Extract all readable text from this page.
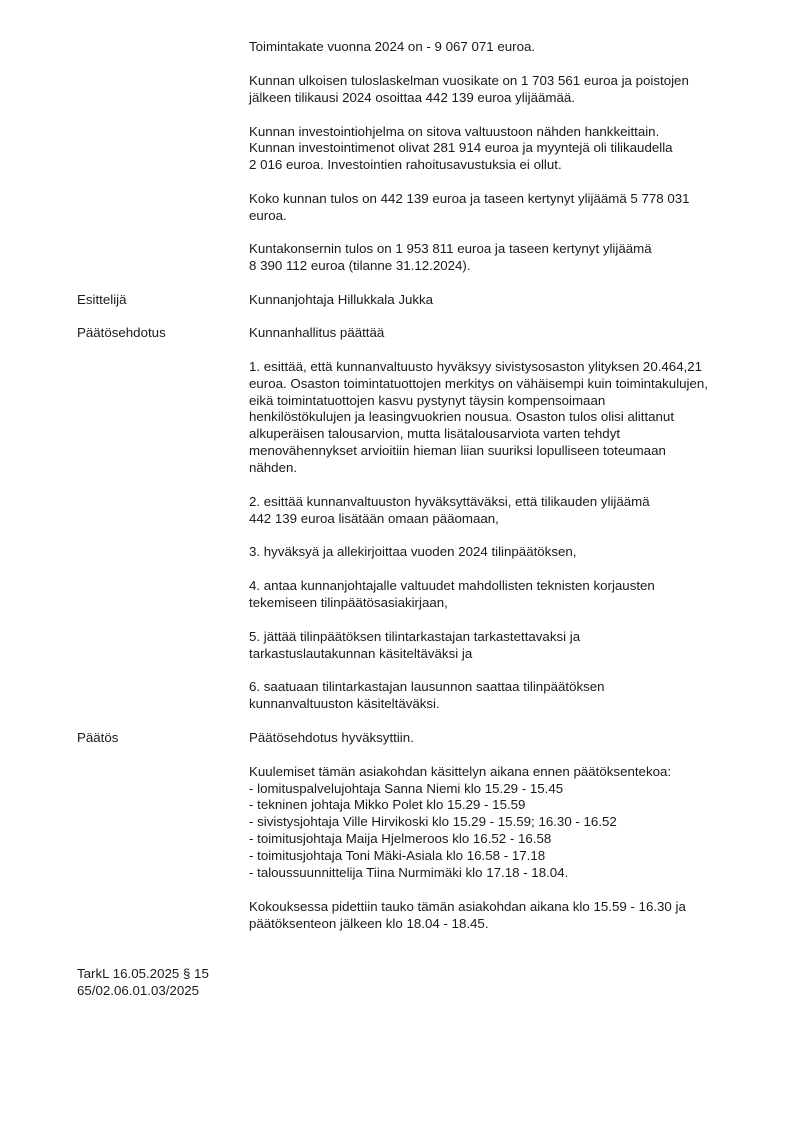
Toimintakate vuonna 2024 on - 9 067 071 euroa.

Kunnan ulkoisen tuloslaskelman vuosikate on 1 703 561 euroa ja poistojen

jälkeen tilikausi 2024 osoittaa 442 139 euroa ylijäämää.

Kunnan investointiohjelma on sitova valtuustoon nähden hankkeittain.

Kunnan investointimenot olivat 281 914 euroa ja myyntejä oli tilikaudella

2 016 euroa. Investointien rahoitusavustuksia ei ollut.

Koko kunnan tulos on 442 139 euroa ja taseen kertynyt ylijäämä 5 778 031

euroa.

Kuntakonsernin tulos on 1 953 811 euroa ja taseen kertynyt ylijäämä

8 390 112 euroa (tilanne 31.12.2024).

Esittelijä	Kunnanjohtaja Hillukkala Jukka

Päätösehdotus	Kunnanhallitus päättää

1. esittää, että kunnanvaltuusto hyväksyy sivistysosaston ylityksen 20.464,21

euroa. Osaston toimintatuottojen merkitys on vähäisempi kuin toimintakulujen,

eikä toimintatuottojen kasvu pystynyt täysin kompensoimaan

henkilöstökulujen ja leasingvuokrien nousua. Osaston tulos olisi alittanut

alkuperäisen talousarvion, mutta lisätalousarviota varten tehdyt

menovähennykset arvioitiin hieman liian suuriksi lopulliseen toteumaan

nähden.

2. esittää kunnanvaltuuston hyväksyttäväksi, että tilikauden ylijäämä

442 139 euroa lisätään omaan pääomaan,

3. hyväksyä ja allekirjoittaa vuoden 2024 tilinpäätöksen,

4. antaa kunnanjohtajalle valtuudet mahdollisten teknisten korjausten

tekemiseen tilinpäätösasiakirjaan,

5. jättää tilinpäätöksen tilintarkastajan tarkastettavaksi ja

tarkastuslautakunnan käsiteltäväksi ja

6. saatuaan tilintarkastajan lausunnon saattaa tilinpäätöksen

kunnanvaltuuston käsiteltäväksi.

Päätös	Päätösehdotus hyväksyttiin.

Kuulemiset tämän asiakohdan käsittelyn aikana ennen päätöksentekoa:

- lomituspalvelujohtaja Sanna Niemi klo 15.29 - 15.45

- tekninen johtaja Mikko Polet klo 15.29 - 15.59

- sivistysjohtaja Ville Hirvikoski klo 15.29 - 15.59; 16.30 - 16.52

- toimitusjohtaja Maija Hjelmeroos klo 16.52 - 16.58

- toimitusjohtaja Toni Mäki-Asiala klo 16.58 - 17.18

- taloussuunnittelija Tiina Nurmimäki klo 17.18 - 18.04.

Kokouksessa pidettiin tauko tämän asiakohdan aikana klo 15.59 - 16.30 ja

päätöksenteon jälkeen klo 18.04 - 18.45.

TarkL 16.05.2025 § 15

65/02.06.01.03/2025
